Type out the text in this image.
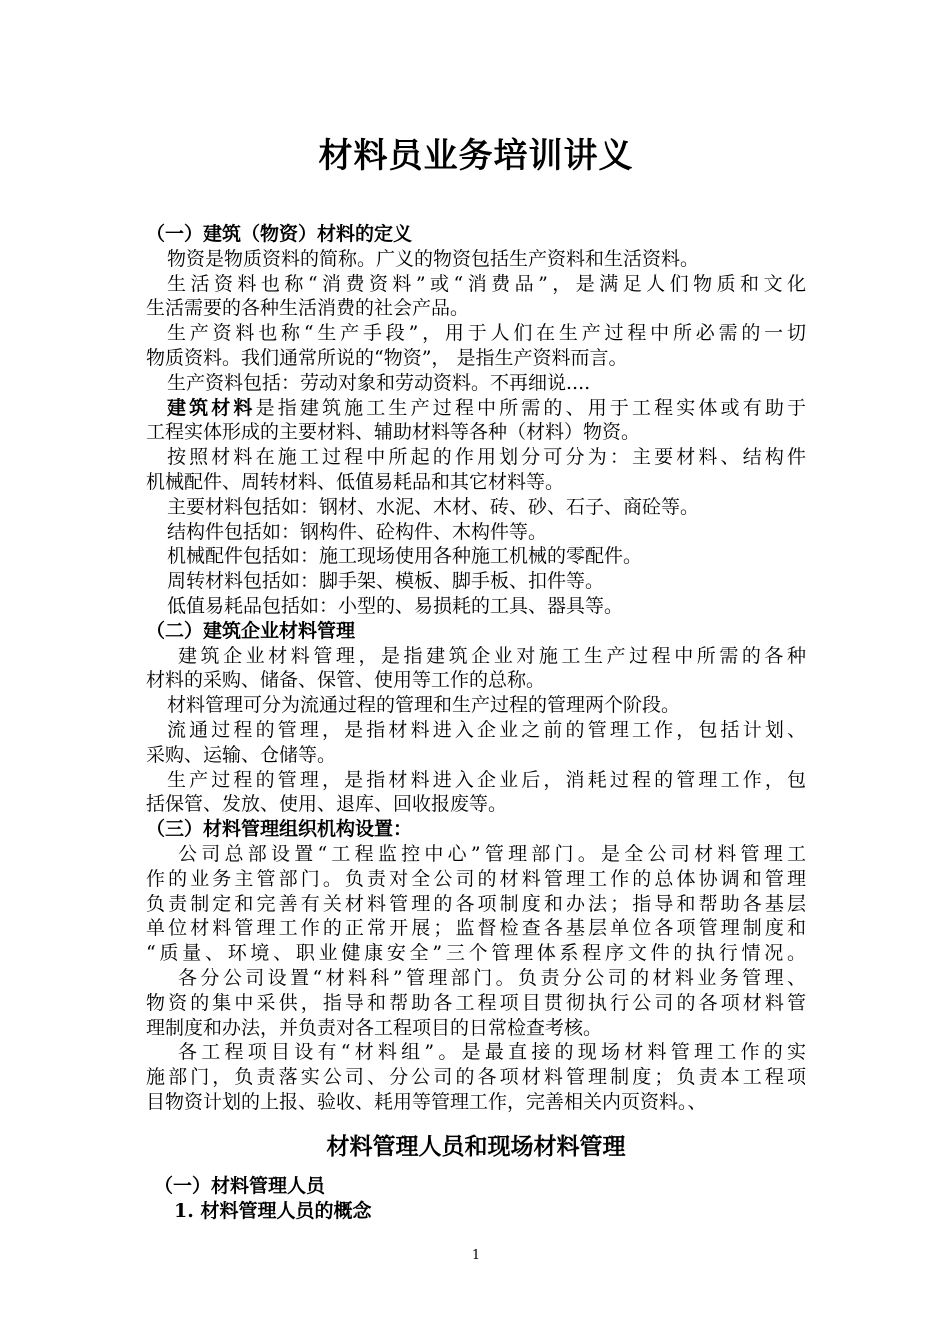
材料员业务培训讲义
（一）建筑（物资）材料的定义
物资是物质资料的简称。广义的物资包括生产资料和生活资料。
生活资料也称“消费资料”或“消费品”，是满足人们物质和文化
生活需要的各种生活消费的社会产品。
生产资料也称“生产手段”，用于人们在生产过程中所必需的一切
物质资料。我们通常所说的“物资”， 是指生产资料而言。
生产资料包括：劳动对象和劳动资料。不再细说....
建筑材料是指建筑施工生产过程中所需的、用于工程实体或有助于
工程实体形成的主要材料、辅助材料等各种（材料）物资。
按照材料在施工过程中所起的作用划分可分为：主要材料、结构件
机械配件、周转材料、低值易耗品和其它材料等。
主要材料包括如：钢材、水泥、木材、砖、砂、石子、商砼等。
结构件包括如：钢构件、砼构件、木构件等。
机械配件包括如：施工现场使用各种施工机械的零配件。
周转材料包括如：脚手架、模板、脚手板、扣件等。
低值易耗品包括如：小型的、易损耗的工具、器具等。
（二）建筑企业材料管理
建筑企业材料管理，是指建筑企业对施工生产过程中所需的各种
材料的采购、储备、保管、使用等工作的总称。
材料管理可分为流通过程的管理和生产过程的管理两个阶段。
流通过程的管理，是指材料进入企业之前的管理工作，包括计划、
采购、运输、仓储等。
生产过程的管理，是指材料进入企业后，消耗过程的管理工作，包
括保管、发放、使用、退库、回收报废等。
（三）材料管理组织机构设置：
公司总部设置“工程监控中心”管理部门。是全公司材料管理工
作的业务主管部门。负责对全公司的材料管理工作的总体协调和管理
负责制定和完善有关材料管理的各项制度和办法；指导和帮助各基层
单位材料管理工作的正常开展；监督检查各基层单位各项管理制度和
“质量、环境、职业健康安全”三个管理体系程序文件的执行情况。
各分公司设置“材料科”管理部门。负责分公司的材料业务管理、
物资的集中采供，指导和帮助各工程项目贯彻执行公司的各项材料管
理制度和办法，并负责对各工程项目的日常检查考核。
各工程项目设有“材料组”。是最直接的现场材料管理工作的实
施部门，负责落实公司、分公司的各项材料管理制度；负责本工程项
目物资计划的上报、验收、耗用等管理工作，完善相关内页资料。、
材料管理人员和现场材料管理
（一）材料管理人员
1. 材料管理人员的概念
1
